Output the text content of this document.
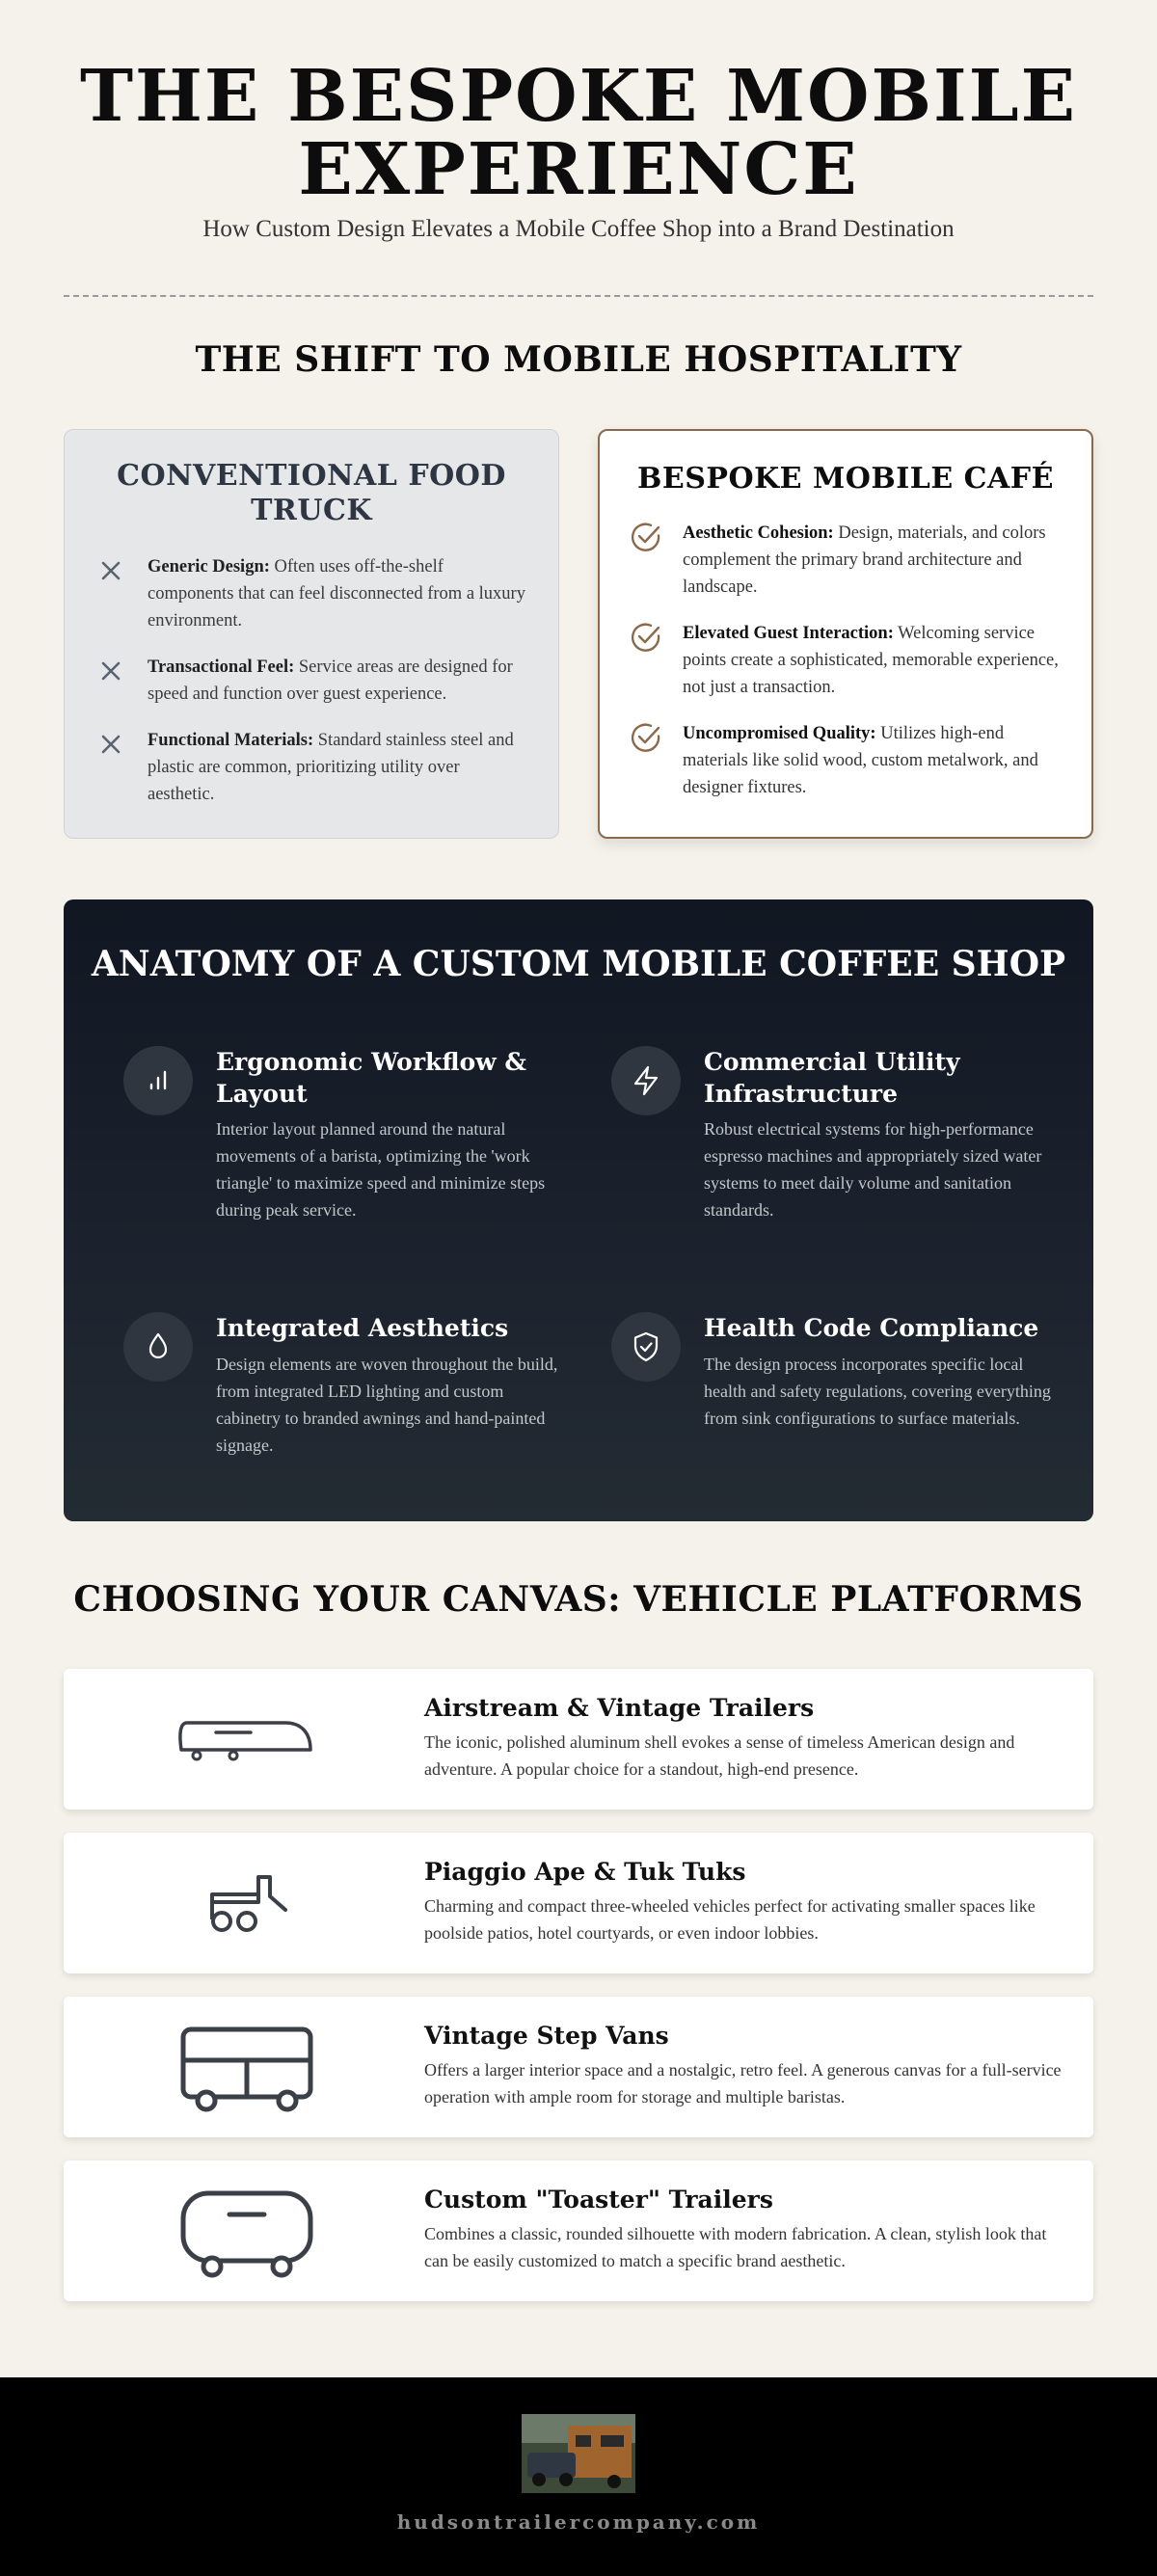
THE BESPOKE MOBILE
EXPERIENCE
How Custom Design Elevates a Mobile Coffee Shop into a Brand Destination
THE SHIFT TO MOBILE HOSPITALITY
CONVENTIONAL FOOD TRUCK
Generic Design: Often uses off-the-shelf components that can feel disconnected from a luxury environment.
Transactional Feel: Service areas are designed for speed and function over guest experience.
Functional Materials: Standard stainless steel and plastic are common, prioritizing utility over aesthetic.
BESPOKE MOBILE CAFÉ
Aesthetic Cohesion: Design, materials, and colors complement the primary brand architecture and landscape.
Elevated Guest Interaction: Welcoming service points create a sophisticated, memorable experience, not just a transaction.
Uncompromised Quality: Utilizes high-end materials like solid wood, custom metalwork, and designer fixtures.
ANATOMY OF A CUSTOM MOBILE COFFEE SHOP
Ergonomic Workflow & Layout
Interior layout planned around the natural movements of a barista, optimizing the 'work triangle' to maximize speed and minimize steps during peak service.
Commercial Utility Infrastructure
Robust electrical systems for high-performance espresso machines and appropriately sized water systems to meet daily volume and sanitation standards.
Integrated Aesthetics
Design elements are woven throughout the build, from integrated LED lighting and custom cabinetry to branded awnings and hand-painted signage.
Health Code Compliance
The design process incorporates specific local health and safety regulations, covering everything from sink configurations to surface materials.
CHOOSING YOUR CANVAS: VEHICLE PLATFORMS
Airstream & Vintage Trailers
The iconic, polished aluminum shell evokes a sense of timeless American design and adventure. A popular choice for a standout, high-end presence.
Piaggio Ape & Tuk Tuks
Charming and compact three-wheeled vehicles perfect for activating smaller spaces like poolside patios, hotel courtyards, or even indoor lobbies.
Vintage Step Vans
Offers a larger interior space and a nostalgic, retro feel. A generous canvas for a full-service operation with ample room for storage and multiple baristas.
Custom "Toaster" Trailers
Combines a classic, rounded silhouette with modern fabrication. A clean, stylish look that can be easily customized to match a specific brand aesthetic.
hudsontrailercompany.com
